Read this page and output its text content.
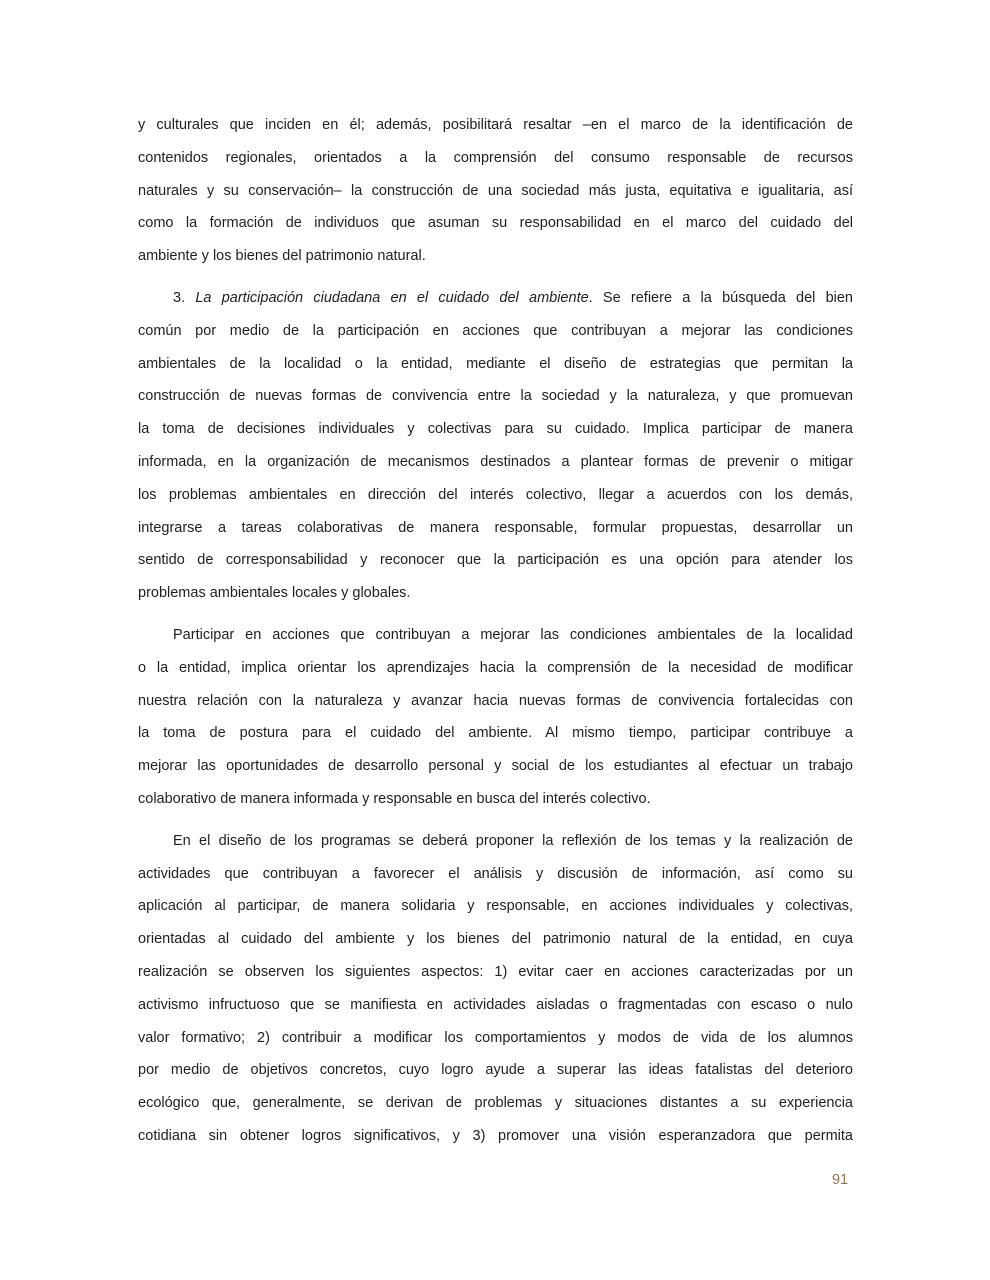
y culturales que inciden en él; además, posibilitará resaltar –en el marco de la identificación de
contenidos regionales, orientados a la comprensión del consumo responsable de recursos
naturales y su conservación– la construcción de una sociedad más justa, equitativa e igualitaria, así
como la formación de individuos que asuman su responsabilidad en el marco del cuidado del
ambiente y los bienes del patrimonio natural.
3. La participación ciudadana en el cuidado del ambiente. Se refiere a la búsqueda del bien
común por medio de la participación en acciones que contribuyan a mejorar las condiciones
ambientales de la localidad o la entidad, mediante el diseño de estrategias que permitan la
construcción de nuevas formas de convivencia entre la sociedad y la naturaleza, y que promuevan
la toma de decisiones individuales y colectivas para su cuidado. Implica participar de manera
informada, en la organización de mecanismos destinados a plantear formas de prevenir o mitigar
los problemas ambientales en dirección del interés colectivo, llegar a acuerdos con los demás,
integrarse a tareas colaborativas de manera responsable, formular propuestas, desarrollar un
sentido de corresponsabilidad y reconocer que la participación es una opción para atender los
problemas ambientales locales y globales.
Participar en acciones que contribuyan a mejorar las condiciones ambientales de la localidad
o la entidad, implica orientar los aprendizajes hacia la comprensión de la necesidad de modificar
nuestra relación con la naturaleza y avanzar hacia nuevas formas de convivencia fortalecidas con
la toma de postura para el cuidado del ambiente. Al mismo tiempo, participar contribuye a
mejorar las oportunidades de desarrollo personal y social de los estudiantes al efectuar un trabajo
colaborativo de manera informada y responsable en busca del interés colectivo.
En el diseño de los programas se deberá proponer la reflexión de los temas y la realización de
actividades que contribuyan a favorecer el análisis y discusión de información, así como su
aplicación al participar, de manera solidaria y responsable, en acciones individuales y colectivas,
orientadas al cuidado del ambiente y los bienes del patrimonio natural de la entidad, en cuya
realización se observen los siguientes aspectos: 1) evitar caer en acciones caracterizadas por un
activismo infructuoso que se manifiesta en actividades aisladas o fragmentadas con escaso o nulo
valor formativo; 2) contribuir a modificar los comportamientos y modos de vida de los alumnos
por medio de objetivos concretos, cuyo logro ayude a superar las ideas fatalistas del deterioro
ecológico que, generalmente, se derivan de problemas y situaciones distantes a su experiencia
cotidiana sin obtener logros significativos, y 3) promover una visión esperanzadora que permita
91
